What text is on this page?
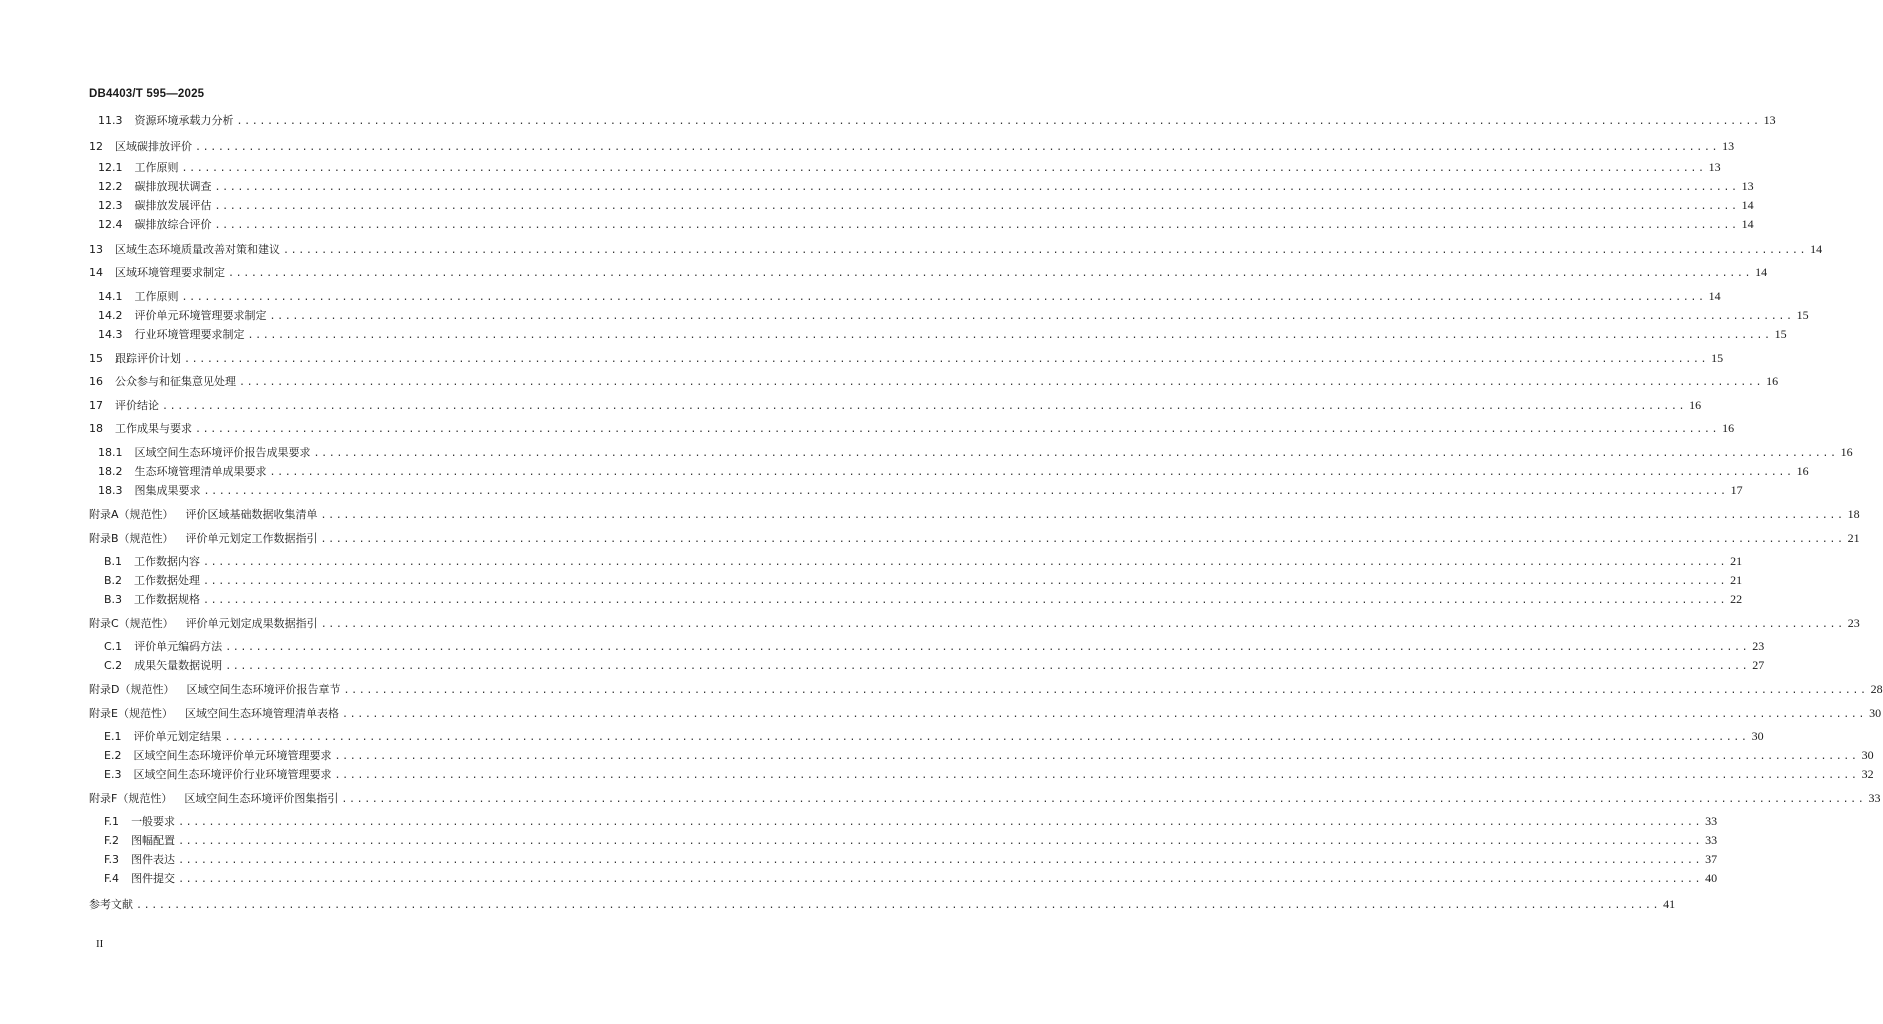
DB4403/T 595—2025
11.3 资源环境承载力分析 ........................................................................................................................................................................................................ 13
12 区域碳排放评价 ........................................................................................................................................................................................................ 13
12.1 工作原则 ........................................................................................................................................................................................................ 13
12.2 碳排放现状调查 ........................................................................................................................................................................................................ 13
12.3 碳排放发展评估 ........................................................................................................................................................................................................ 14
12.4 碳排放综合评价 ........................................................................................................................................................................................................ 14
13 区域生态环境质量改善对策和建议 ........................................................................................................................................................................................................ 14
14 区域环境管理要求制定 ........................................................................................................................................................................................................ 14
14.1 工作原则 ........................................................................................................................................................................................................ 14
14.2 评价单元环境管理要求制定 ........................................................................................................................................................................................................ 15
14.3 行业环境管理要求制定 ........................................................................................................................................................................................................ 15
15 跟踪评价计划 ........................................................................................................................................................................................................ 15
16 公众参与和征集意见处理 ........................................................................................................................................................................................................ 16
17 评价结论 ........................................................................................................................................................................................................ 16
18 工作成果与要求 ........................................................................................................................................................................................................ 16
18.1 区域空间生态环境评价报告成果要求 ........................................................................................................................................................................................................ 16
18.2 生态环境管理清单成果要求 ........................................................................................................................................................................................................ 16
18.3 图集成果要求 ........................................................................................................................................................................................................ 17
附录A（规范性） 评价区域基础数据收集清单 ........................................................................................................................................................................................................ 18
附录B（规范性） 评价单元划定工作数据指引 ........................................................................................................................................................................................................ 21
B.1 工作数据内容 ........................................................................................................................................................................................................ 21
B.2 工作数据处理 ........................................................................................................................................................................................................ 21
B.3 工作数据规格 ........................................................................................................................................................................................................ 22
附录C（规范性） 评价单元划定成果数据指引 ........................................................................................................................................................................................................ 23
C.1 评价单元编码方法 ........................................................................................................................................................................................................ 23
C.2 成果矢量数据说明 ........................................................................................................................................................................................................ 27
附录D（规范性） 区域空间生态环境评价报告章节 ........................................................................................................................................................................................................ 28
附录E（规范性） 区域空间生态环境管理清单表格 ........................................................................................................................................................................................................ 30
E.1 评价单元划定结果 ........................................................................................................................................................................................................ 30
E.2 区域空间生态环境评价单元环境管理要求 ........................................................................................................................................................................................................ 30
E.3 区域空间生态环境评价行业环境管理要求 ........................................................................................................................................................................................................ 32
附录F（规范性） 区域空间生态环境评价图集指引 ........................................................................................................................................................................................................ 33
F.1 一般要求 ........................................................................................................................................................................................................ 33
F.2 图幅配置 ........................................................................................................................................................................................................ 33
F.3 图件表达 ........................................................................................................................................................................................................ 37
F.4 图件提交 ........................................................................................................................................................................................................ 40
参考文献 ........................................................................................................................................................................................................ 41
II
